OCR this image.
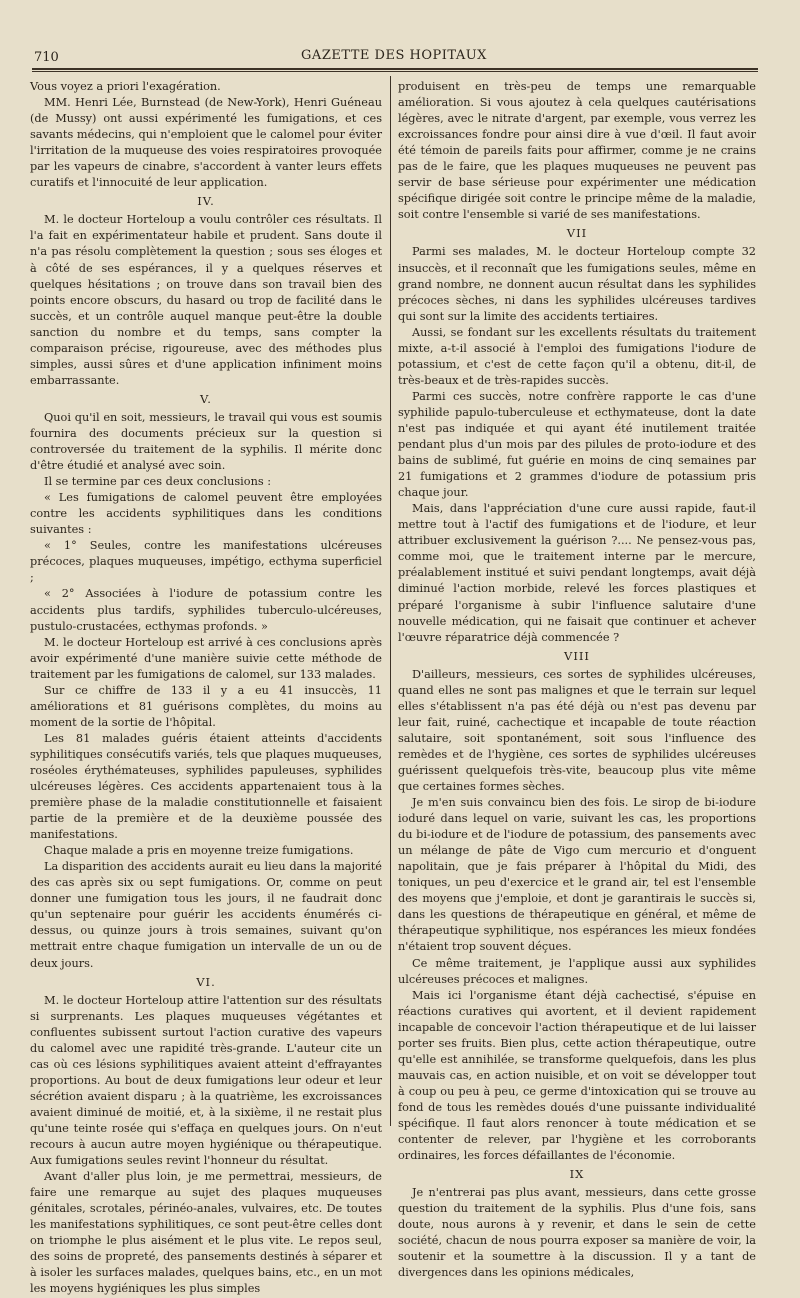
710	GAZETTE DES HOPITAUX

Vous voyez a priori l'exagération.

MM. Henri Lée, Burnstead (de New-York), Henri Guéneau (de Mussy) ont aussi expérimenté les fumigations, et ces savants médecins, qui n'emploient que le calomel pour éviter l'irritation de la muqueuse des voies respiratoires provoquée par les vapeurs de cinabre, s'accordent à vanter leurs effets curatifs et l'innocuité de leur application.

IV.

M. le docteur Horteloup a voulu contrôler ces résultats. Il l'a fait en expérimentateur habile et prudent. Sans doute il n'a pas résolu complètement la question ; sous ses éloges et à côté de ses espérances, il y a quelques réserves et quelques hésitations ; on trouve dans son travail bien des points encore obscurs, du hasard ou trop de facilité dans le succès, et un contrôle auquel manque peut-être la double sanction du nombre et du temps, sans compter la comparaison précise, rigoureuse, avec des méthodes plus simples, aussi sûres et d'une application infiniment moins embarrassante.

V.

Quoi qu'il en soit, messieurs, le travail qui vous est soumis fournira des documents précieux sur la question si controversée du traitement de la syphilis. Il mérite donc d'être étudié et analysé avec soin.

Il se termine par ces deux conclusions :

« Les fumigations de calomel peuvent être employées contre les accidents syphilitiques dans les conditions suivantes :

« 1° Seules, contre les manifestations ulcéreuses précoces, plaques muqueuses, impétigo, ecthyma superficiel ;

« 2° Associées à l'iodure de potassium contre les accidents plus tardifs, syphilides tuberculo-ulcéreuses, pustulo-crustacées, ecthymas profonds. »

M. le docteur Horteloup est arrivé à ces conclusions après avoir expérimenté d'une manière suivie cette méthode de traitement par les fumigations de calomel, sur 133 malades.

Sur ce chiffre de 133 il y a eu 41 insuccès, 11 améliorations et 81 guérisons complètes, du moins au moment de la sortie de l'hôpital.

Les 81 malades guéris étaient atteints d'accidents syphilitiques consécutifs variés, tels que plaques muqueuses, roséoles érythémateuses, syphilides papuleuses, syphilides ulcéreuses légères. Ces accidents appartenaient tous à la première phase de la maladie constitutionnelle et faisaient partie de la première et de la deuxième poussée des manifestations.

Chaque malade a pris en moyenne treize fumigations.

La disparition des accidents aurait eu lieu dans la majorité des cas après six ou sept fumigations. Or, comme on peut donner une fumigation tous les jours, il ne faudrait donc qu'un septenaire pour guérir les accidents énumérés ci-dessus, ou quinze jours à trois semaines, suivant qu'on mettrait entre chaque fumigation un intervalle de un ou de deux jours.

VI.

M. le docteur Horteloup attire l'attention sur des résultats si surprenants. Les plaques muqueuses végétantes et confluentes subissent surtout l'action curative des vapeurs du calomel avec une rapidité très-grande. L'auteur cite un cas où ces lésions syphilitiques avaient atteint d'effrayantes proportions. Au bout de deux fumigations leur odeur et leur sécrétion avaient disparu ; à la quatrième, les excroissances avaient diminué de moitié, et, à la sixième, il ne restait plus qu'une teinte rosée qui s'effaça en quelques jours. On n'eut recours à aucun autre moyen hygiénique ou thérapeutique. Aux fumigations seules revint l'honneur du résultat.

Avant d'aller plus loin, je me permettrai, messieurs, de faire une remarque au sujet des plaques muqueuses génitales, scrotales, périnéo-anales, vulvaires, etc. De toutes les manifestations syphilitiques, ce sont peut-être celles dont on triomphe le plus aisément et le plus vite. Le repos seul, des soins de propreté, des pansements destinés à séparer et à isoler les surfaces malades, quelques bains, etc., en un mot les moyens hygiéniques les plus simples

produisent en très-peu de temps une remarquable amélioration. Si vous ajoutez à cela quelques cautérisations légères, avec le nitrate d'argent, par exemple, vous verrez les excroissances fondre pour ainsi dire à vue d'œil. Il faut avoir été témoin de pareils faits pour affirmer, comme je ne crains pas de le faire, que les plaques muqueuses ne peuvent pas servir de base sérieuse pour expérimenter une médication spécifique dirigée soit contre le principe même de la maladie, soit contre l'ensemble si varié de ses manifestations.

VII

Parmi ses malades, M. le docteur Horteloup compte 32 insuccès, et il reconnaît que les fumigations seules, même en grand nombre, ne donnent aucun résultat dans les syphilides précoces sèches, ni dans les syphilides ulcéreuses tardives qui sont sur la limite des accidents tertiaires.

Aussi, se fondant sur les excellents résultats du traitement mixte, a-t-il associé à l'emploi des fumigations l'iodure de potassium, et c'est de cette façon qu'il a obtenu, dit-il, de très-beaux et de très-rapides succès.

Parmi ces succès, notre confrère rapporte le cas d'une syphilide papulo-tuberculeuse et ecthymateuse, dont la date n'est pas indiquée et qui ayant été inutilement traitée pendant plus d'un mois par des pilules de proto-iodure et des bains de sublimé, fut guérie en moins de cinq semaines par 21 fumigations et 2 grammes d'iodure de potassium pris chaque jour.

Mais, dans l'appréciation d'une cure aussi rapide, faut-il mettre tout à l'actif des fumigations et de l'iodure, et leur attribuer exclusivement la guérison ?.... Ne pensez-vous pas, comme moi, que le traitement interne par le mercure, préalablement institué et suivi pendant longtemps, avait déjà diminué l'action morbide, relevé les forces plastiques et préparé l'organisme à subir l'influence salutaire d'une nouvelle médication, qui ne faisait que continuer et achever l'œuvre réparatrice déjà commencée ?

VIII

D'ailleurs, messieurs, ces sortes de syphilides ulcéreuses, quand elles ne sont pas malignes et que le terrain sur lequel elles s'établissent n'a pas été déjà ou n'est pas devenu par leur fait, ruiné, cachectique et incapable de toute réaction salutaire, soit spontanément, soit sous l'influence des remèdes et de l'hygiène, ces sortes de syphilides ulcéreuses guérissent quelquefois très-vite, beaucoup plus vite même que certaines formes sèches.

Je m'en suis convaincu bien des fois. Le sirop de bi-iodure ioduré dans lequel on varie, suivant les cas, les proportions du bi-iodure et de l'iodure de potassium, des pansements avec un mélange de pâte de Vigo cum mercurio et d'onguent napolitain, que je fais préparer à l'hôpital du Midi, des toniques, un peu d'exercice et le grand air, tel est l'ensemble des moyens que j'emploie, et dont je garantirais le succès si, dans les questions de thérapeutique en général, et même de thérapeutique syphilitique, nos espérances les mieux fondées n'étaient trop souvent déçues.

Ce même traitement, je l'applique aussi aux syphilides ulcéreuses précoces et malignes.

Mais ici l'organisme étant déjà cachectisé, s'épuise en réactions curatives qui avortent, et il devient rapidement incapable de concevoir l'action thérapeutique et de lui laisser porter ses fruits. Bien plus, cette action thérapeutique, outre qu'elle est annihilée, se transforme quelquefois, dans les plus mauvais cas, en action nuisible, et on voit se développer tout à coup ou peu à peu, ce germe d'intoxication qui se trouve au fond de tous les remèdes doués d'une puissante individualité spécifique. Il faut alors renoncer à toute médication et se contenter de relever, par l'hygiène et les corroborants ordinaires, les forces défaillantes de l'économie.

IX

Je n'entrerai pas plus avant, messieurs, dans cette grosse question du traitement de la syphilis. Plus d'une fois, sans doute, nous aurons à y revenir, et dans le sein de cette société, chacun de nous pourra exposer sa manière de voir, la soutenir et la soumettre à la discussion. Il y a tant de divergences dans les opinions médicales,
